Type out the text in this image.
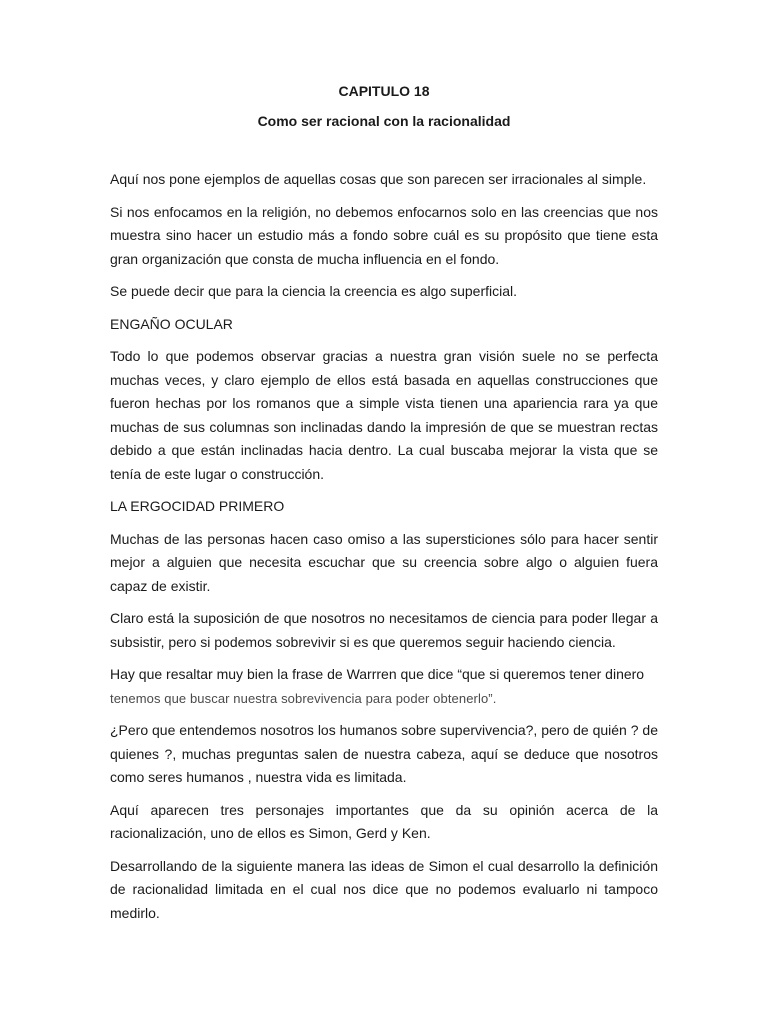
CAPITULO 18
Como ser racional con la racionalidad

Aquí nos pone ejemplos de aquellas cosas que son parecen ser irracionales al simple.

Si nos enfocamos en la religión, no debemos enfocarnos solo en las creencias que nos muestra sino hacer un estudio más a fondo sobre cuál es su propósito que tiene esta gran organización que consta de mucha influencia en el fondo.

Se puede decir que para la ciencia la creencia es algo superficial.

ENGAÑO OCULAR

Todo lo que podemos observar gracias a nuestra gran visión suele no se perfecta muchas veces, y claro ejemplo de ellos está basada en aquellas construcciones que fueron hechas por los romanos que a simple vista tienen una apariencia rara ya que muchas de sus columnas son inclinadas dando la impresión de que se muestran rectas debido a que están inclinadas hacia dentro. La cual buscaba mejorar la vista que se tenía de este lugar o construcción.

LA ERGOCIDAD PRIMERO

Muchas de las personas hacen caso omiso a las supersticiones sólo para hacer sentir mejor a alguien que necesita escuchar que su creencia sobre algo o alguien fuera capaz de existir.

Claro está la suposición de que nosotros no necesitamos de ciencia para poder llegar a subsistir, pero si podemos sobrevivir si es que queremos seguir haciendo ciencia.

Hay que resaltar muy bien la frase de Warrren que dice “que si queremos tener dinero
tenemos que buscar nuestra sobrevivencia para poder obtenerlo”.

¿Pero que entendemos nosotros los humanos sobre supervivencia?, pero de quién ? de quienes ?, muchas preguntas salen de nuestra cabeza, aquí se deduce que nosotros como seres humanos , nuestra vida es limitada.

Aquí aparecen tres personajes importantes que da su opinión acerca de la racionalización, uno de ellos es Simon, Gerd y Ken.

Desarrollando de la siguiente manera las ideas de Simon el cual desarrollo la definición de racionalidad limitada en el cual nos dice que no podemos evaluarlo ni tampoco medirlo.
